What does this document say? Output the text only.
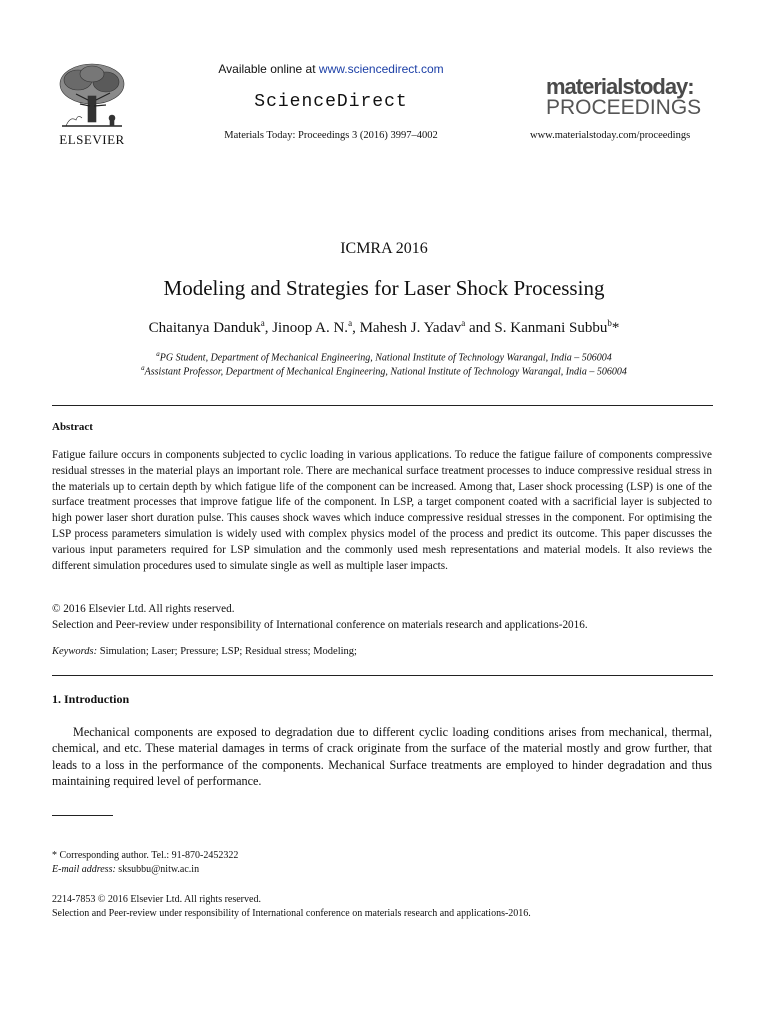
ELSEVIER
Available online at www.sciencedirect.com
ScienceDirect
Materials Today: Proceedings 3 (2016) 3997–4002
materialstoday:
PROCEEDINGS
www.materialstoday.com/proceedings
ICMRA 2016
Modeling and Strategies for Laser Shock Processing
Chaitanya Danduk$^a$, Jinoop A. N.$^a$, Mahesh J. Yadav$^a$ and S. Kanmani Subbu$^b$*
$^a$PG Student, Department of Mechanical Engineering, National Institute of Technology Warangal, India – 506004
$^a$Assistant Professor, Department of Mechanical Engineering, National Institute of Technology Warangal, India – 506004
Abstract
Fatigue failure occurs in components subjected to cyclic loading in various applications. To reduce the fatigue failure of components compressive residual stresses in the material plays an important role. There are mechanical surface treatment processes to induce compressive residual stress in the materials up to certain depth by which fatigue life of the component can be increased. Among that, Laser shock processing (LSP) is one of the surface treatment processes that improve fatigue life of the component. In LSP, a target component coated with a sacrificial layer is subjected to high power laser short duration pulse. This causes shock waves which induce compressive residual stresses in the component. For optimising the LSP process parameters simulation is widely used with complex physics model of the process and predict its outcome. This paper discusses the various input parameters required for LSP simulation and the commonly used mesh representations and material models. It also reviews the different simulation procedures used to simulate single as well as multiple laser impacts.
© 2016 Elsevier Ltd. All rights reserved.
Selection and Peer-review under responsibility of International conference on materials research and applications-2016.
Keywords: Simulation; Laser; Pressure; LSP; Residual stress; Modeling;
1. Introduction
Mechanical components are exposed to degradation due to different cyclic loading conditions arises from mechanical, thermal, chemical, and etc. These material damages in terms of crack originate from the surface of the material mostly and grow further, that leads to a loss in the performance of the components. Mechanical Surface treatments are employed to hinder degradation and thus maintaining required level of performance.
* Corresponding author. Tel.: 91-870-2452322
E-mail address: sksubbu@nitw.ac.in
2214-7853 © 2016 Elsevier Ltd. All rights reserved.
Selection and Peer-review under responsibility of International conference on materials research and applications-2016.
